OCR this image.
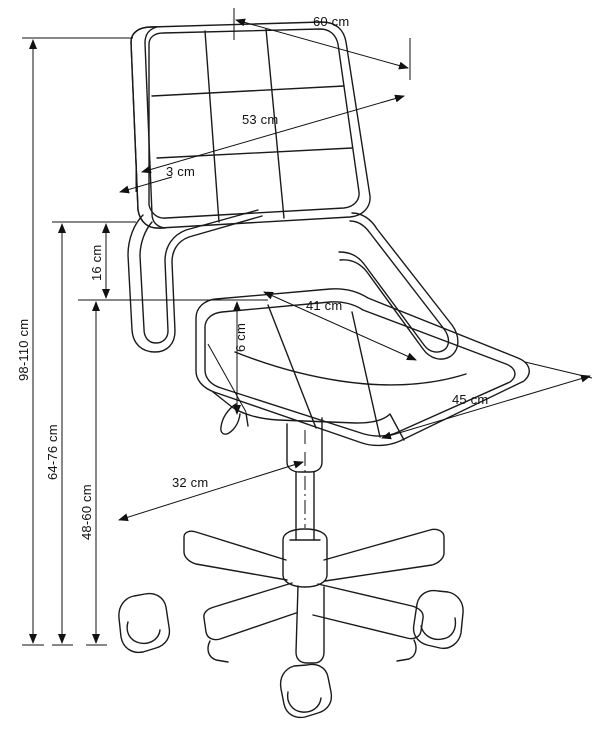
60 cm
53 cm
3 cm
16 cm
6 cm
41 cm
45 cm
32 cm
98-110 cm
64-76 cm
48-60 cm
